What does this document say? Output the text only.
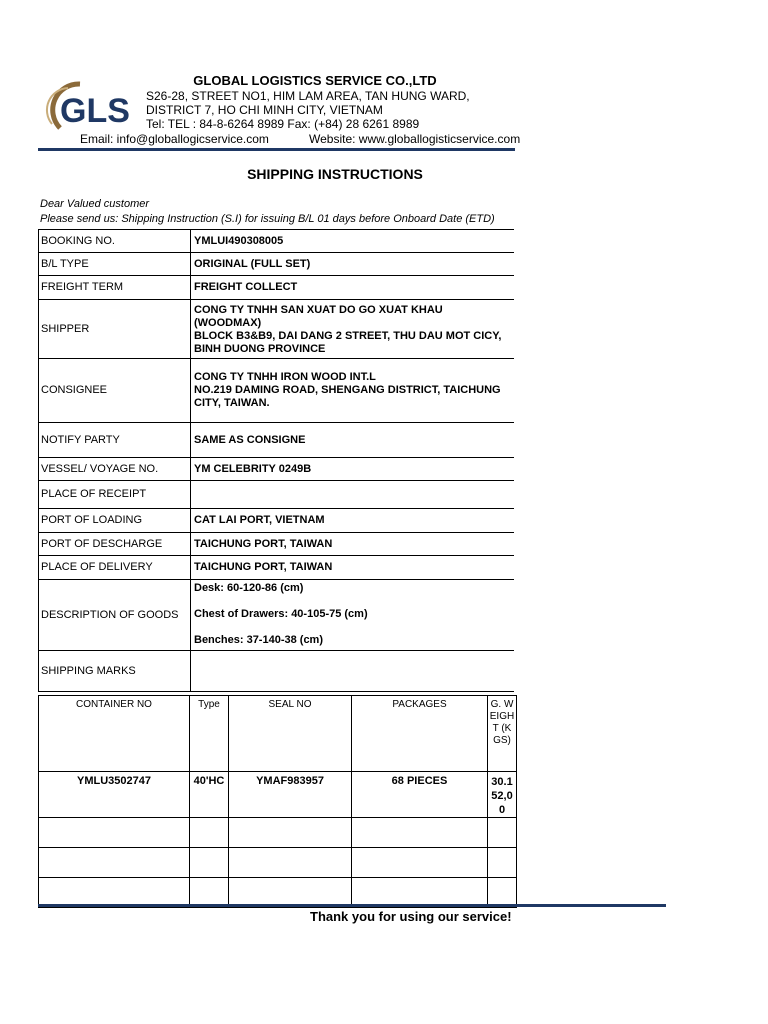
GLS
GLOBAL LOGISTICS SERVICE CO.,LTD
S26-28, STREET NO1, HIM LAM AREA, TAN HUNG WARD,
DISTRICT 7, HO CHI MINH CITY, VIETNAM
Tel: TEL : 84-8-6264 8989 Fax: (+84) 28 6261 8989
Email: info@globallogicservice.com	Website: www.globallogisticservice.com
SHIPPING INSTRUCTIONS
Dear Valued customer
Please send us: Shipping Instruction (S.I) for issuing B/L 01 days before Onboard Date (ETD)
BOOKING NO.	YMLUI490308005
B/L TYPE	ORIGINAL (FULL SET)
FREIGHT TERM	FREIGHT COLLECT
SHIPPER	CONG TY TNHH SAN XUAT DO GO XUAT KHAU (WOODMAX)
BLOCK B3&B9, DAI DANG 2 STREET, THU DAU MOT CICY,
BINH DUONG PROVINCE

CONSIGNEE	CONG TY TNHH IRON WOOD INT.L
NO.219 DAMING ROAD, SHENGANG DISTRICT, TAICHUNG
CITY, TAIWAN.

NOTIFY PARTY	SAME AS CONSIGNE
VESSEL/ VOYAGE NO.	YM CELEBRITY 0249B
PLACE OF RECEIPT	
PORT OF LOADING	CAT LAI PORT, VIETNAM
PORT OF DESCHARGE	TAICHUNG PORT, TAIWAN
PLACE OF DELIVERY	TAICHUNG PORT, TAIWAN
DESCRIPTION OF GOODS	Desk: 60-120-86 (cm)

Chest of Drawers: 40-105-75 (cm)

Benches: 37-140-38 (cm)

SHIPPING MARKS	
CONTAINER NO	Type	SEAL NO	PACKAGES	G. WEIGHT (KGS)
YMLU3502747	40'HC	YMAF983957	68 PIECES	30.152,00

Thank you for using our service!
